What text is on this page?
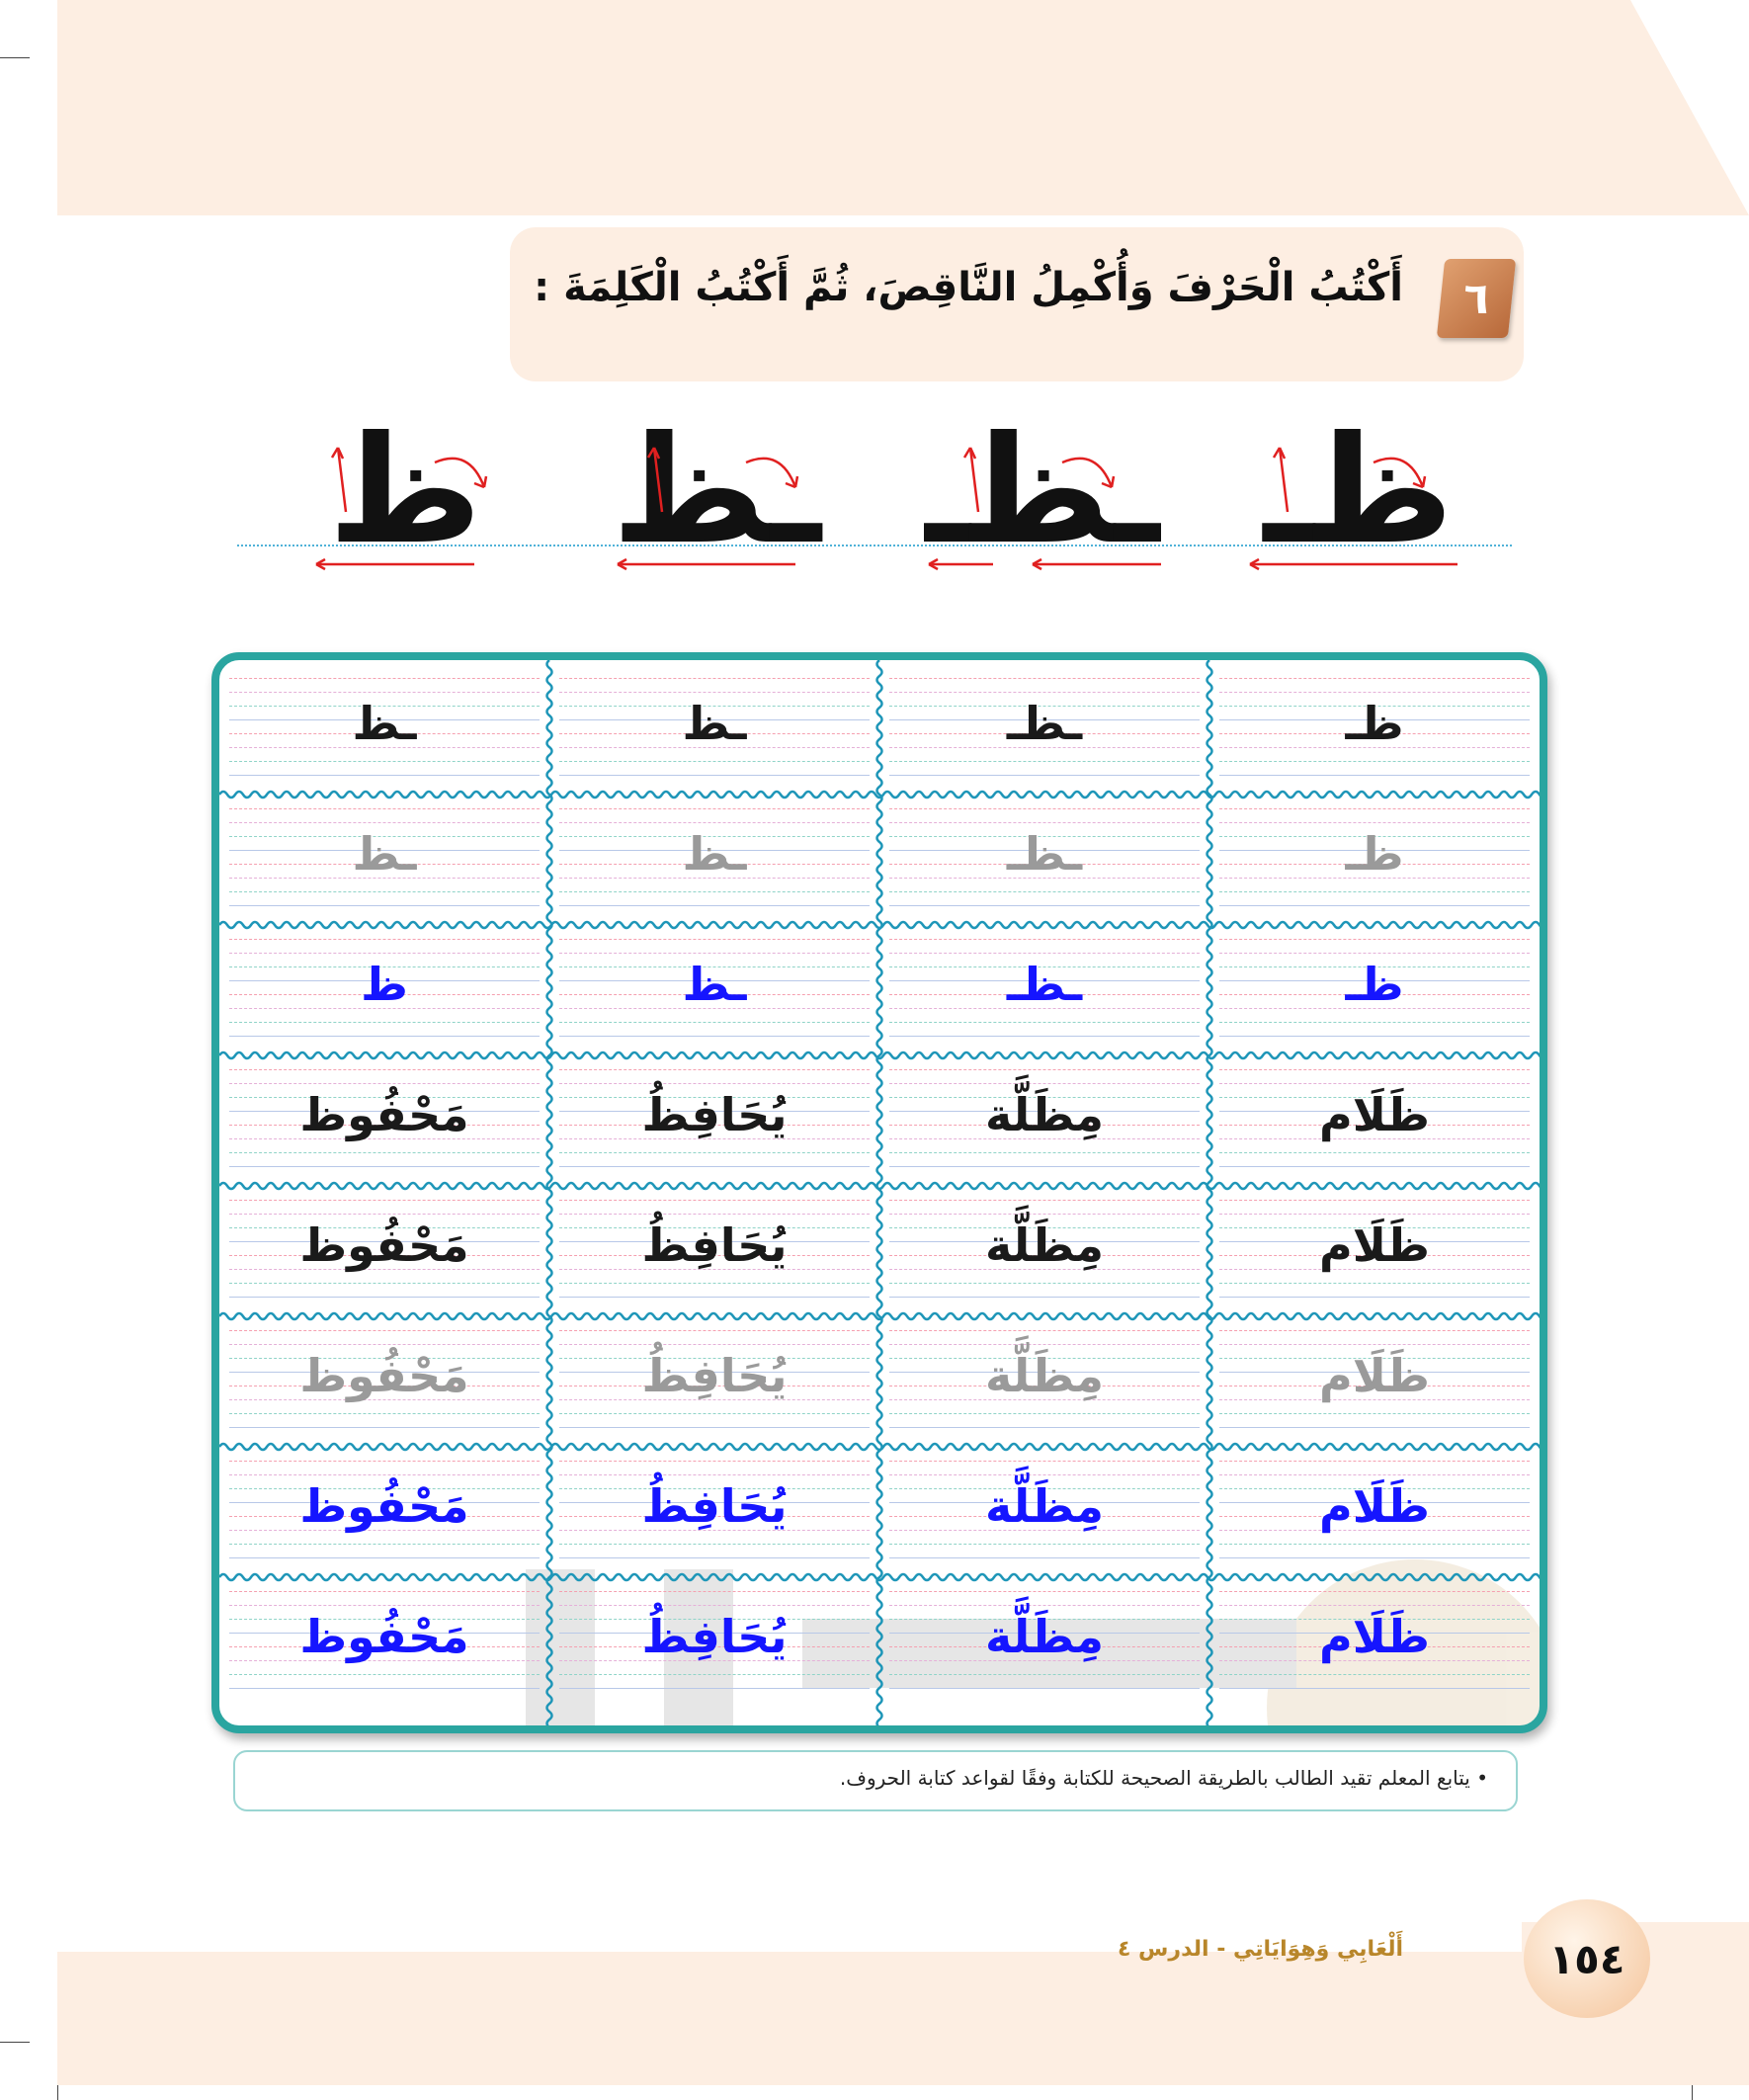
أَكْتُبُ الْحَرْفَ وَأُكْمِلُ النَّاقِصَ، ثُمَّ أَكْتُبُ الْكَلِمَةَ :	٦
ظ ـظ ـظـ ظـ
beadaya.com | موقع بداية التعليمي
ـظ	ـظ	ـظـ	ظـ
ـظ	ـظ	ـظـ	ظـ
ظ	ـظ	ـظـ	ظـ
مَحْفُوظ	يُحَافِظُ	مِظَلَّة	ظَلَام
مَحْفُوظ	يُحَافِظُ	مِظَلَّة	ظَلَام
مَحْفُوظ	يُحَافِظُ	مِظَلَّة	ظَلَام
مَحْفُوظ	يُحَافِظُ	مِظَلَّة	ظَلَام
مَحْفُوظ	يُحَافِظُ	مِظَلَّة	ظَلَام
• يتابع المعلم تقيد الطالب بالطريقة الصحيحة للكتابة وفقًا لقواعد كتابة الحروف.
١٥٤
أَلْعَابِي وَهِوَايَاتِي - الدرس ٤
